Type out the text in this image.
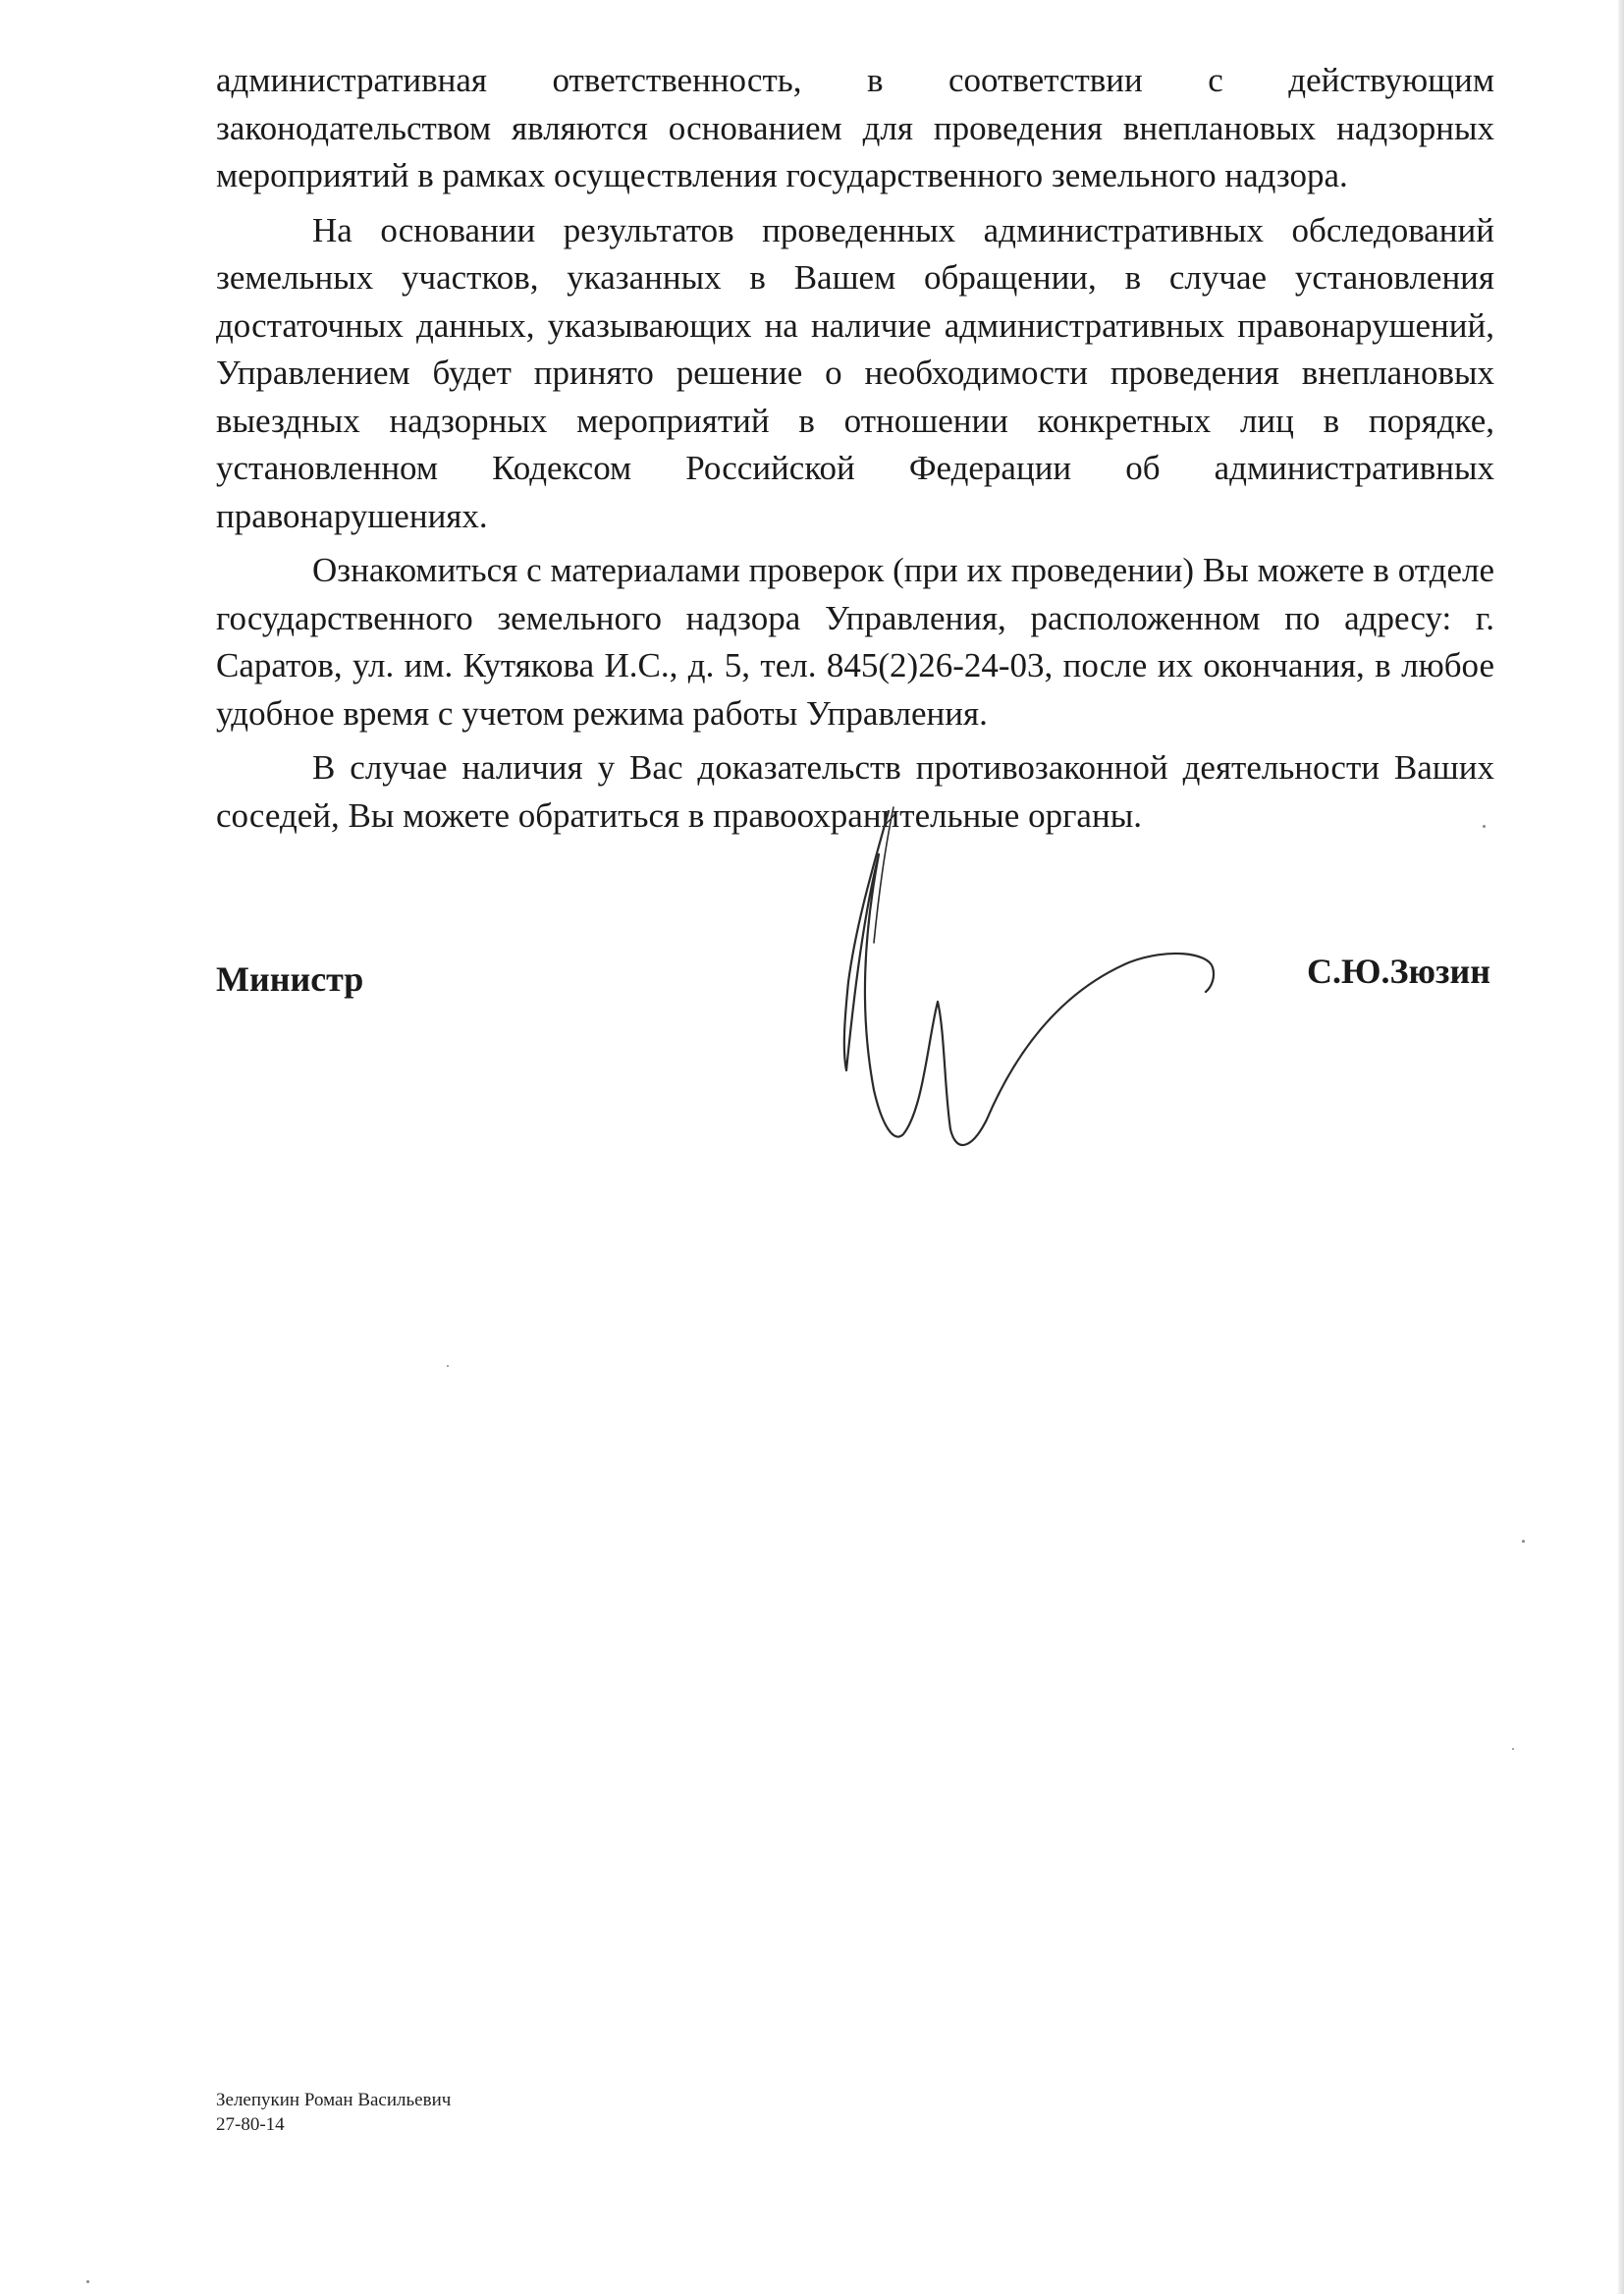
административная ответственность, в соответствии с действующим законодательством являются основанием для проведения внеплановых надзорных мероприятий в рамках осуществления государственного земельного надзора.

На основании результатов проведенных административных обследований земельных участков, указанных в Вашем обращении, в случае установления достаточных данных, указывающих на наличие административных правонарушений, Управлением будет принято решение о необходимости проведения внеплановых выездных надзорных мероприятий в отношении конкретных лиц в порядке, установленном Кодексом Российской Федерации об административных правонарушениях.

Ознакомиться с материалами проверок (при их проведении) Вы можете в отделе государственного земельного надзора Управления, расположенном по адресу: г. Саратов, ул. им. Кутякова И.С., д. 5, тел. 845(2)26-24-03, после их окончания, в любое удобное время с учетом режима работы Управления.

В случае наличия у Вас доказательств противозаконной деятельности Ваших соседей, Вы можете обратиться в правоохранительные органы.

Министр	С.Ю.Зюзин
Зелепукин Роман Васильевич
27-80-14
